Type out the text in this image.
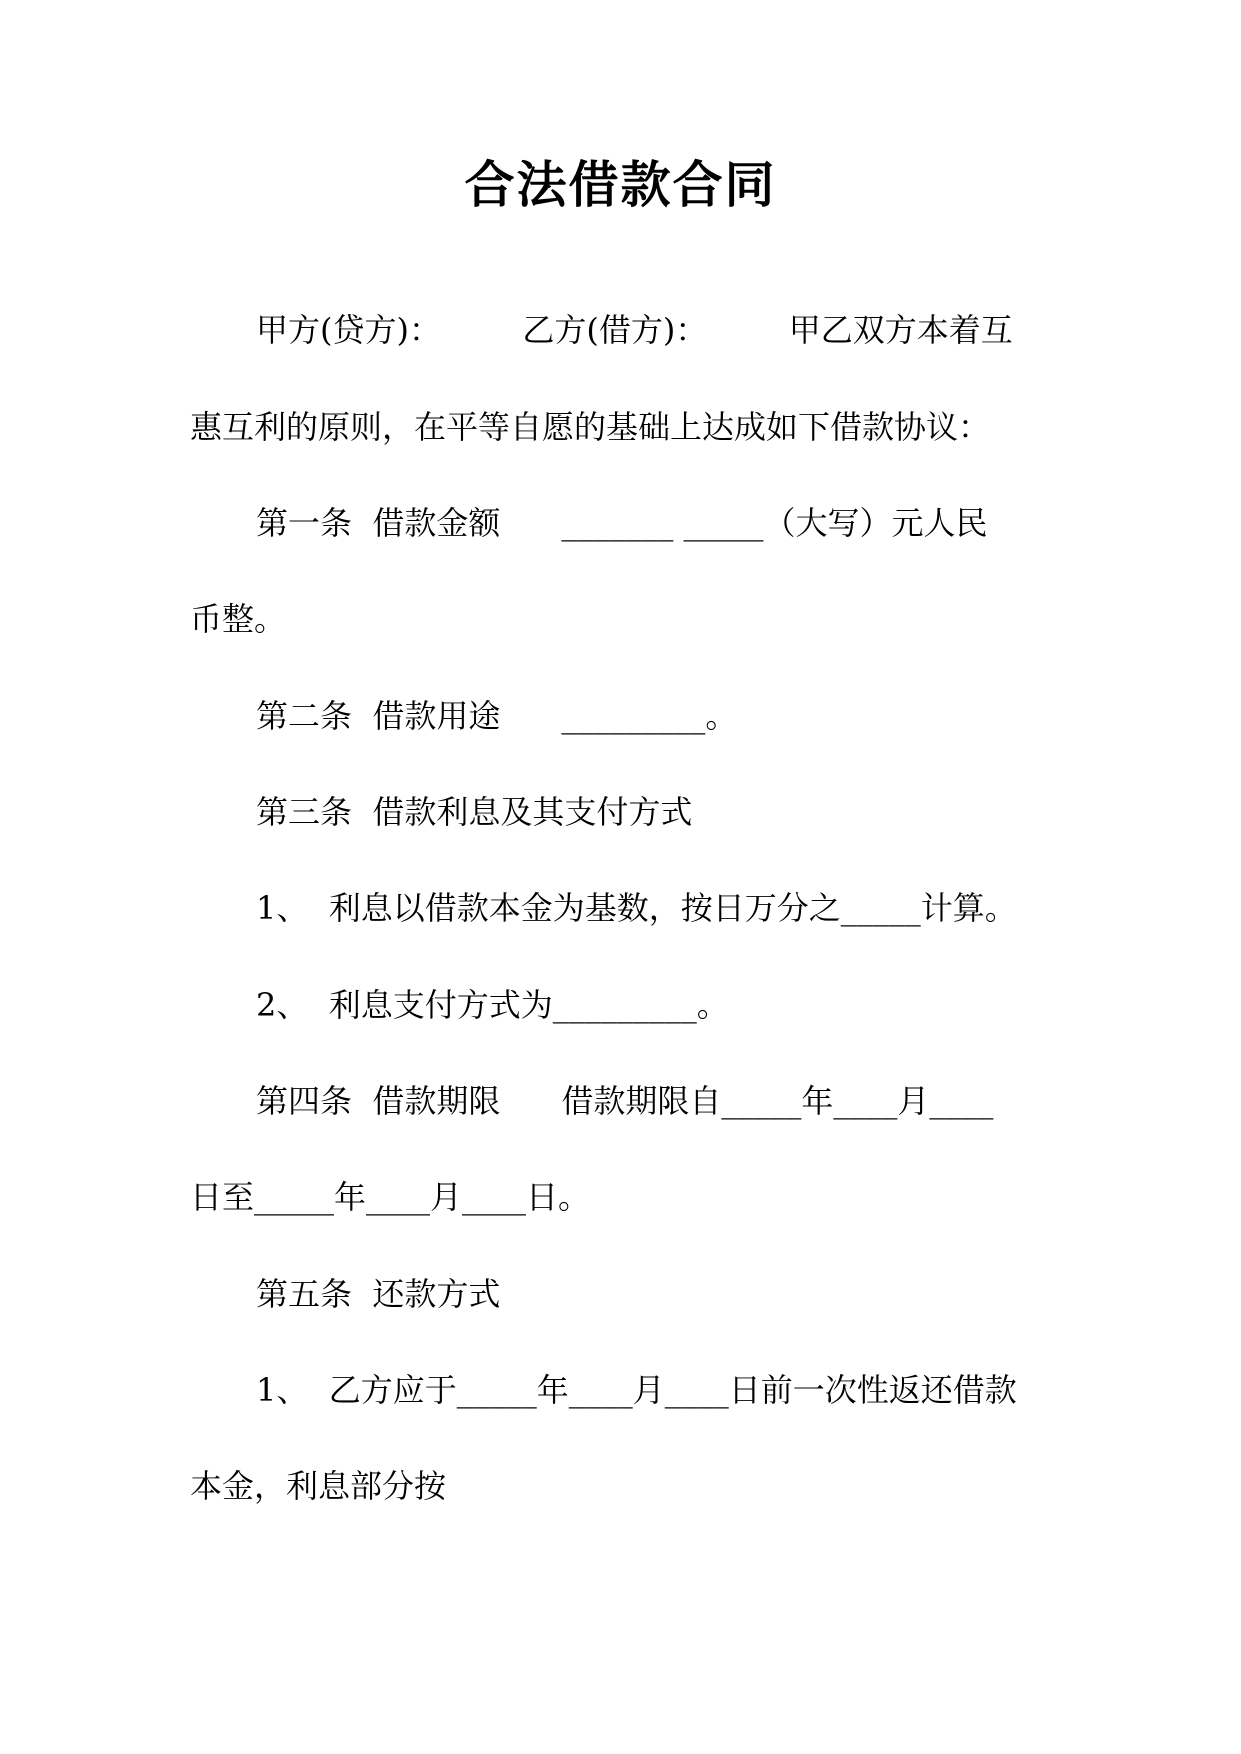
合法借款合同
甲方(贷方)：        乙方(借方)：        甲乙双方本着互
惠互利的原则，在平等自愿的基础上达成如下借款协议：
第一条  借款金额      _______ _____（大写）元人民
币整。
第二条  借款用途      _________。
第三条  借款利息及其支付方式
1、  利息以借款本金为基数，按日万分之_____计算。
2、  利息支付方式为_________。
第四条  借款期限      借款期限自_____年____月____
日至_____年____月____日。
第五条  还款方式
1、  乙方应于_____年____月____日前一次性返还借款
本金，利息部分按
